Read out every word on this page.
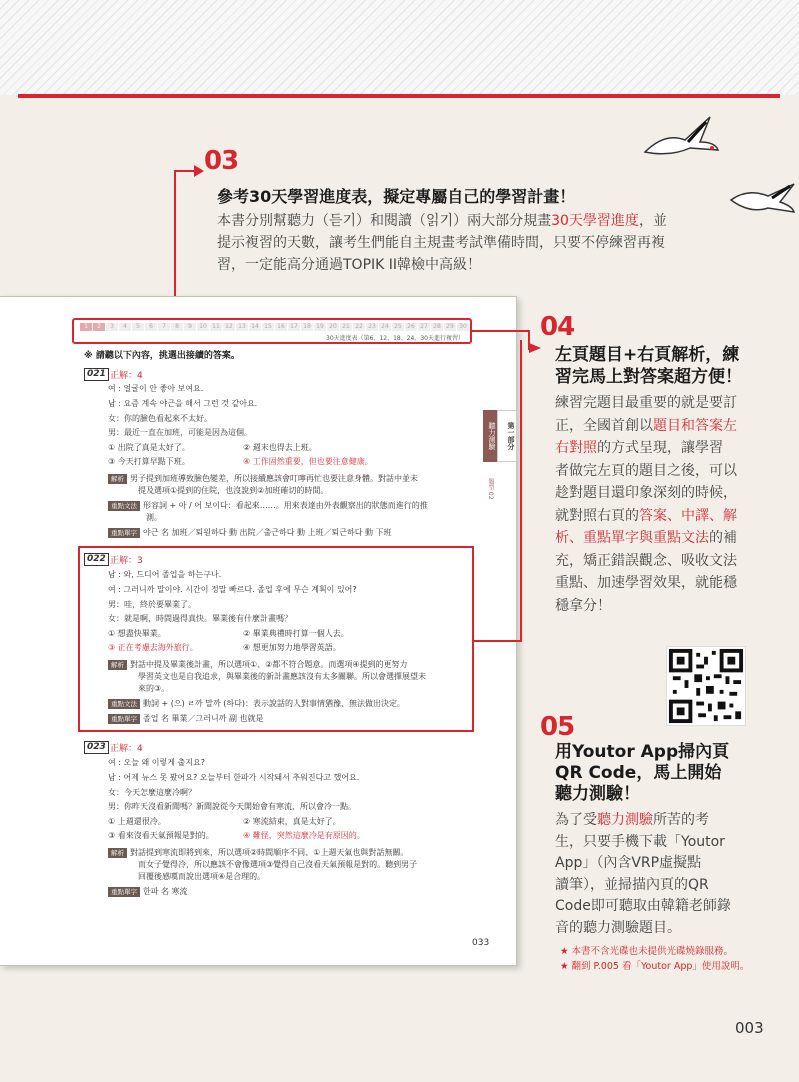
03
參考30天學習進度表，擬定專屬自己的學習計畫！
本書分別幫聽力（듣기）和閱讀（읽기）兩大部分規畫30天學習進度，並
提示複習的天數，讓考生們能自主規畫考試準備時間，只要不停練習再複
習，一定能高分通過TOPIK II韓檢中高級！
1	2	3	4	5	6	7	8	9	10 11 12 13 14 15 16 17 18 19 20 21 22 23 24 25 26 27 28 29 30
30天進度表（第6、12、18、24、30天進行複習）
※ 請聽以下內容，挑選出接續的答案。
聽力測驗	第一部分
題型 02
021 正解：4
여 : 얼굴이 안 좋아 보여요.
남 : 요즘 계속 야근을 해서 그런 것 같아요.
女：你的臉色看起來不太好。
男：最近一直在加班，可能是因為這個。
① 出院了真是太好了。	② 週末也得去上班。
③ 今天打算早點下班。	④ 工作固然重要，但也要注意健康。
解析 男子提到加班導致臉色變差，所以接續應該會叮嚀再忙也要注意身體。對話中並未
提及選項①提到的住院，也沒說到②加班確切的時間。
重點文法 形容詞 + 아 / 어 보이다：看起來……。用來表達由外表觀察出的狀態而進行的推
測。
重點單字 야근 名 加班／퇴원하다 動 出院／출근하다 動 上班／퇴근하다 動 下班
022 正解：3
남 : 와, 드디어 졸업을 하는구나.
여 : 그러니까 말이야. 시간이 정말 빠르다. 졸업 후에 무슨 계획이 있어?
男：哇，終於要畢業了。
女：就是啊，時間過得真快。畢業後有什麼計畫嗎？
① 想盡快畢業。	② 畢業典禮時打算一個人去。
③ 正在考慮去海外旅行。	④ 想更加努力地學習英語。
解析 對話中提及畢業後計畫，所以選項①、②都不符合題意。而選項④提到的更努力
學習英文也是自我追求，與畢業後的新計畫應該沒有太多關聯。所以會選擇展望未
來的③。
重點文法 動詞 + (으) ㄹ까 말까 (하다)：表示說話的人對事情猶豫、無法做出決定。
重點單字 졸업 名 畢業／그러니까 副 也就是
023 正解：4
여 : 오늘 왜 이렇게 춥지요?
남 : 어제 뉴스 못 봤어요? 오늘부터 한파가 시작돼서 추워진다고 했어요.
女：今天怎麼這麼冷啊？
男：你昨天沒看新聞嗎？新聞說從今天開始會有寒流，所以會冷一點。
① 上週還很冷。	② 寒流結束，真是太好了。
③ 看來沒看天氣預報是對的。	④ 難怪，突然這麼冷是有原因的。
解析 對話提到寒流即將到來，所以選項②時間順序不同、①上週天氣也與對話無關。
而女子覺得冷，所以應該不會像選項③覺得自己沒看天氣預報是對的。聽到男子
回覆後感嘆而說出選項④是合理的。
重點單字 한파 名 寒流
033
04
左頁題目+右頁解析，練
習完馬上對答案超方便！
練習完題目最重要的就是要訂
正，全國首創以題目和答案左
右對照的方式呈現，讓學習
者做完左頁的題目之後，可以
趁對題目還印象深刻的時候，
就對照右頁的答案、中譯、解
析、重點單字與重點文法的補
充，矯正錯誤觀念、吸收文法
重點、加速學習效果，就能穩
穩拿分！
05
用Youtor App掃內頁
QR Code，馬上開始
聽力測驗！
為了受聽力測驗所苦的考
生，只要手機下載「Youtor
App」（內含VRP虛擬點
讀筆），並掃描內頁的QR
Code即可聽取由韓籍老師錄
音的聽力測驗題目。
★ 本書不含光碟也未提供光碟燒錄服務。
★ 翻到 P.005 看「Youtor App」使用說明。
003
